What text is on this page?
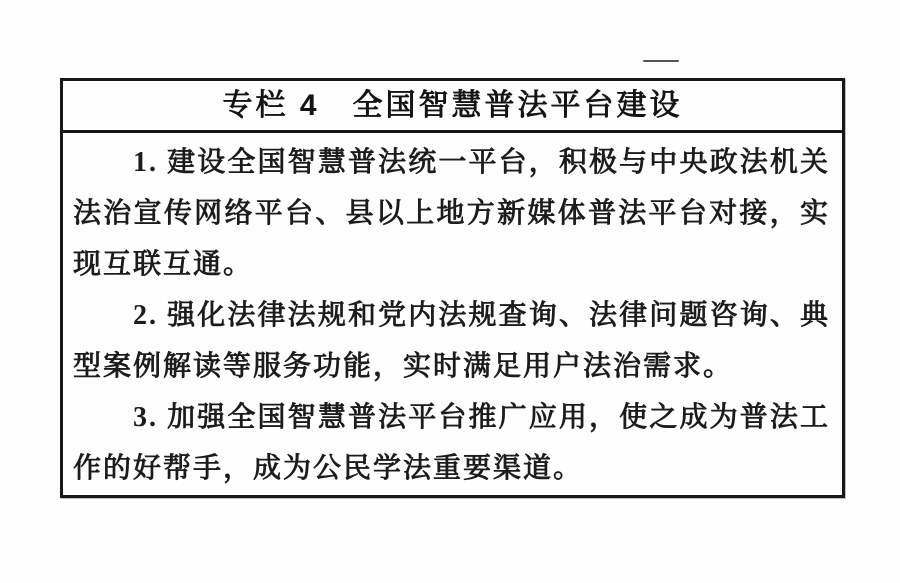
专栏 4　全国智慧普法平台建设
1. 建设全国智慧普法统一平台，积极与中央政法机关
法治宣传网络平台、县以上地方新媒体普法平台对接，实
现互联互通。
2. 强化法律法规和党内法规查询、法律问题咨询、典
型案例解读等服务功能，实时满足用户法治需求。
3. 加强全国智慧普法平台推广应用，使之成为普法工
作的好帮手，成为公民学法重要渠道。
